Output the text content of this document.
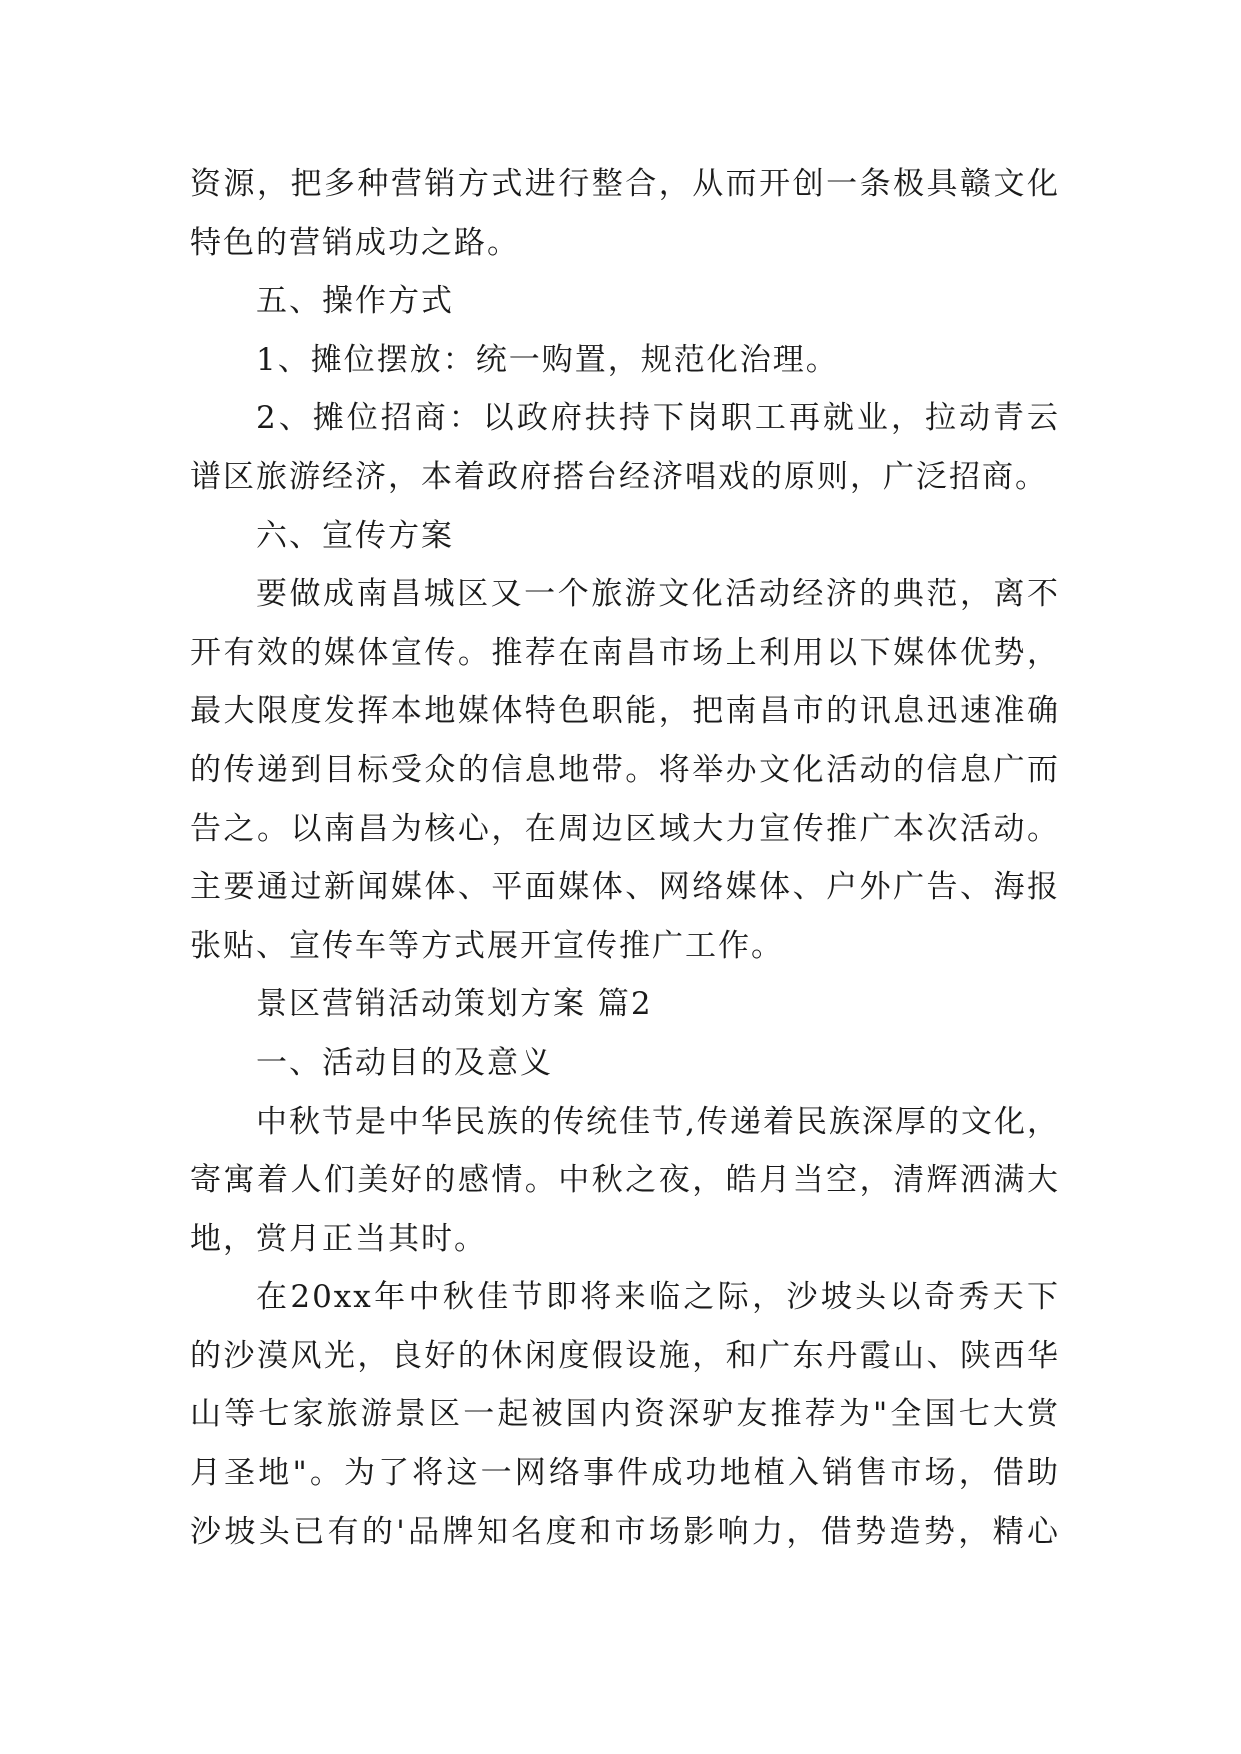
资源，把多种营销方式进行整合，从而开创一条极具赣文化
特色的营销成功之路。
五、操作方式
1、摊位摆放：统一购置，规范化治理。
2、摊位招商：以政府扶持下岗职工再就业，拉动青云
谱区旅游经济，本着政府搭台经济唱戏的原则，广泛招商。
六、宣传方案
要做成南昌城区又一个旅游文化活动经济的典范，离不
开有效的媒体宣传。推荐在南昌市场上利用以下媒体优势，
最大限度发挥本地媒体特色职能，把南昌市的讯息迅速准确
的传递到目标受众的信息地带。将举办文化活动的信息广而
告之。以南昌为核心，在周边区域大力宣传推广本次活动。
主要通过新闻媒体、平面媒体、网络媒体、户外广告、海报
张贴、宣传车等方式展开宣传推广工作。
景区营销活动策划方案 篇2
一、活动目的及意义
中秋节是中华民族的传统佳节,传递着民族深厚的文化，
寄寓着人们美好的感情。中秋之夜，皓月当空，清辉洒满大
地，赏月正当其时。
在20xx年中秋佳节即将来临之际，沙坡头以奇秀天下
的沙漠风光，良好的休闲度假设施，和广东丹霞山、陕西华
山等七家旅游景区一起被国内资深驴友推荐为"全国七大赏
月圣地"。为了将这一网络事件成功地植入销售市场，借助
沙坡头已有的'品牌知名度和市场影响力，借势造势，精心
